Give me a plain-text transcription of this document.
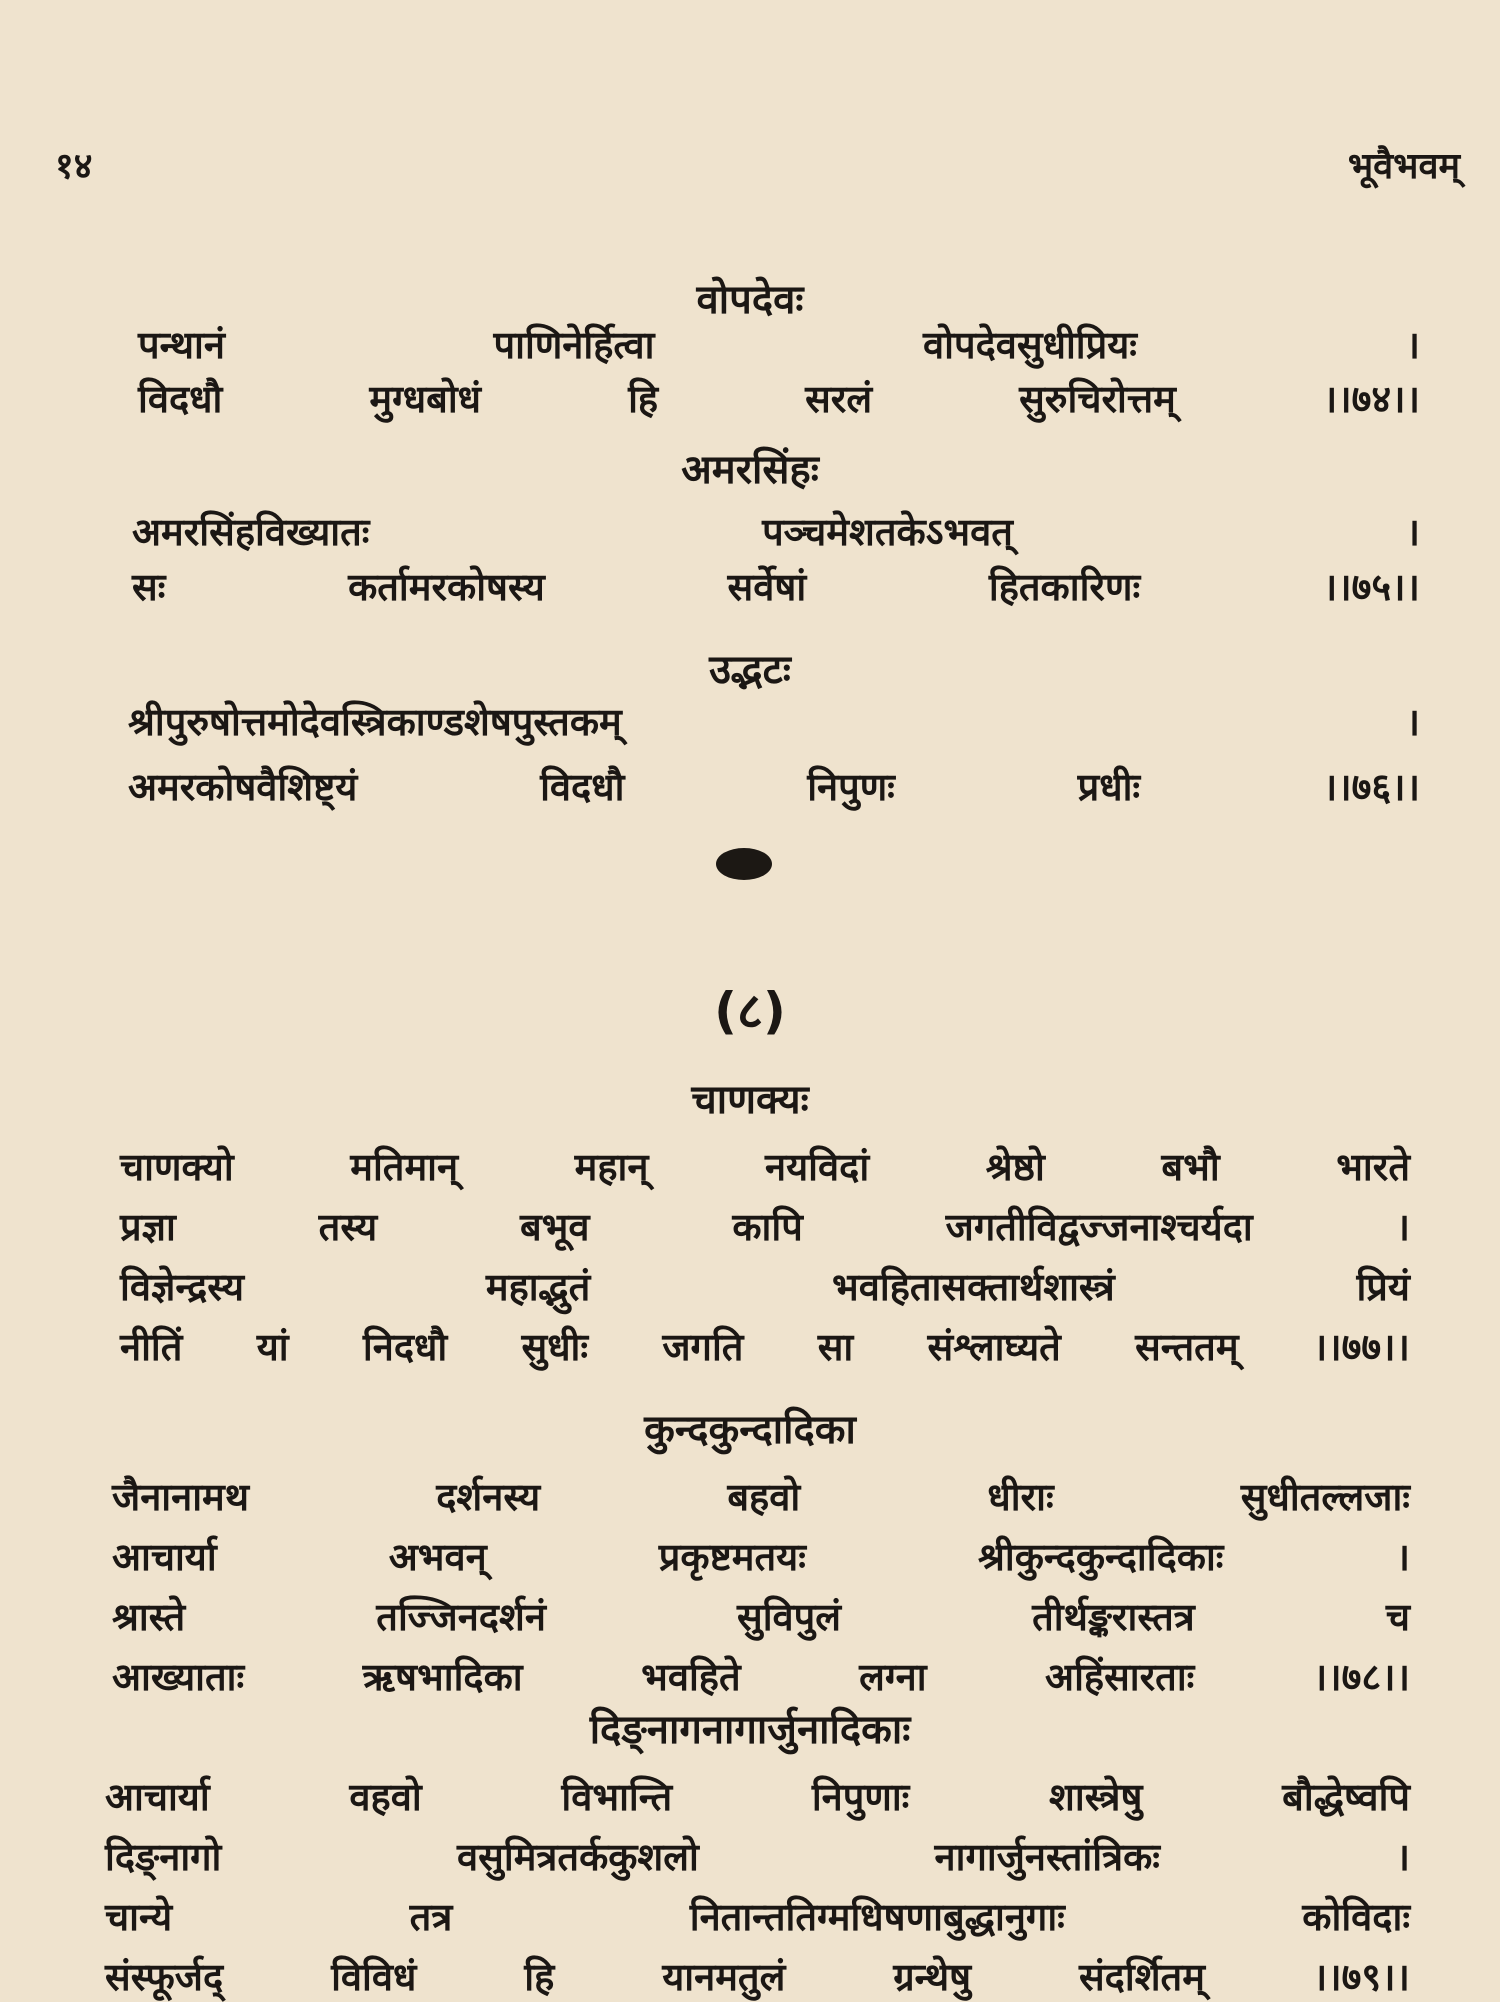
१४	भूवैभवम्
वोपदेवः
पन्थानं	पाणिनेर्हित्वा	वोपदेवसुधीप्रियः	।
विदधौ	मुग्धबोधं	हि	सरलं	सुरुचिरोत्तम्	।।७४।।
अमरसिंहः
अमरसिंहविख्यातः	पञ्चमेशतकेऽभवत्	।
सः	कर्तामरकोषस्य	सर्वेषां	हितकारिणः	।।७५।।
उद्भटः
श्रीपुरुषोत्तमोदेवस्त्रिकाण्डशेषपुस्तकम्	।
अमरकोषवैशिष्ट्यं	विदधौ	निपुणः	प्रधीः	।।७६।।
चाणक्यः
चाणक्यो	मतिमान्	महान्	नयविदां	श्रेष्ठो	बभौ	भारते
प्रज्ञा	तस्य	बभूव	कापि	जगतीविद्वज्जनाश्चर्यदा	।
विज्ञेन्द्रस्य	महाद्भुतं	भवहितासक्तार्थशास्त्रं	प्रियं
नीतिं यां निदधौ सुधीः जगति सा संश्लाघ्यते सन्ततम् ।।७७।।
कुन्दकुन्दादिका
जैनानामथ	दर्शनस्य	बहवो	धीराः	सुधीतल्लजाः
आचार्या	अभवन्	प्रकृष्टमतयः	श्रीकुन्दकुन्दादिकाः	।
श्रास्ते	तज्जिनदर्शनं	सुविपुलं	तीर्थङ्करास्तत्र	च
आख्याताः	ऋषभादिका	भवहिते	लग्ना	अहिंसारताः	।।७८।।
दिङ्नागनागार्जुनादिकाः
आचार्या	वहवो	विभान्ति	निपुणाः	शास्त्रेषु	बौद्धेष्वपि
दिङ्नागो	वसुमित्रतर्ककुशलो	नागार्जुनस्तांत्रिकः	।
चान्ये	तत्र	नितान्ततिग्मधिषणाबुद्धानुगाः	कोविदाः
संस्फूर्जद्	विविधं	हि	यानमतुलं	ग्रन्थेषु	संदर्शितम्	।।७९।।
(८)
